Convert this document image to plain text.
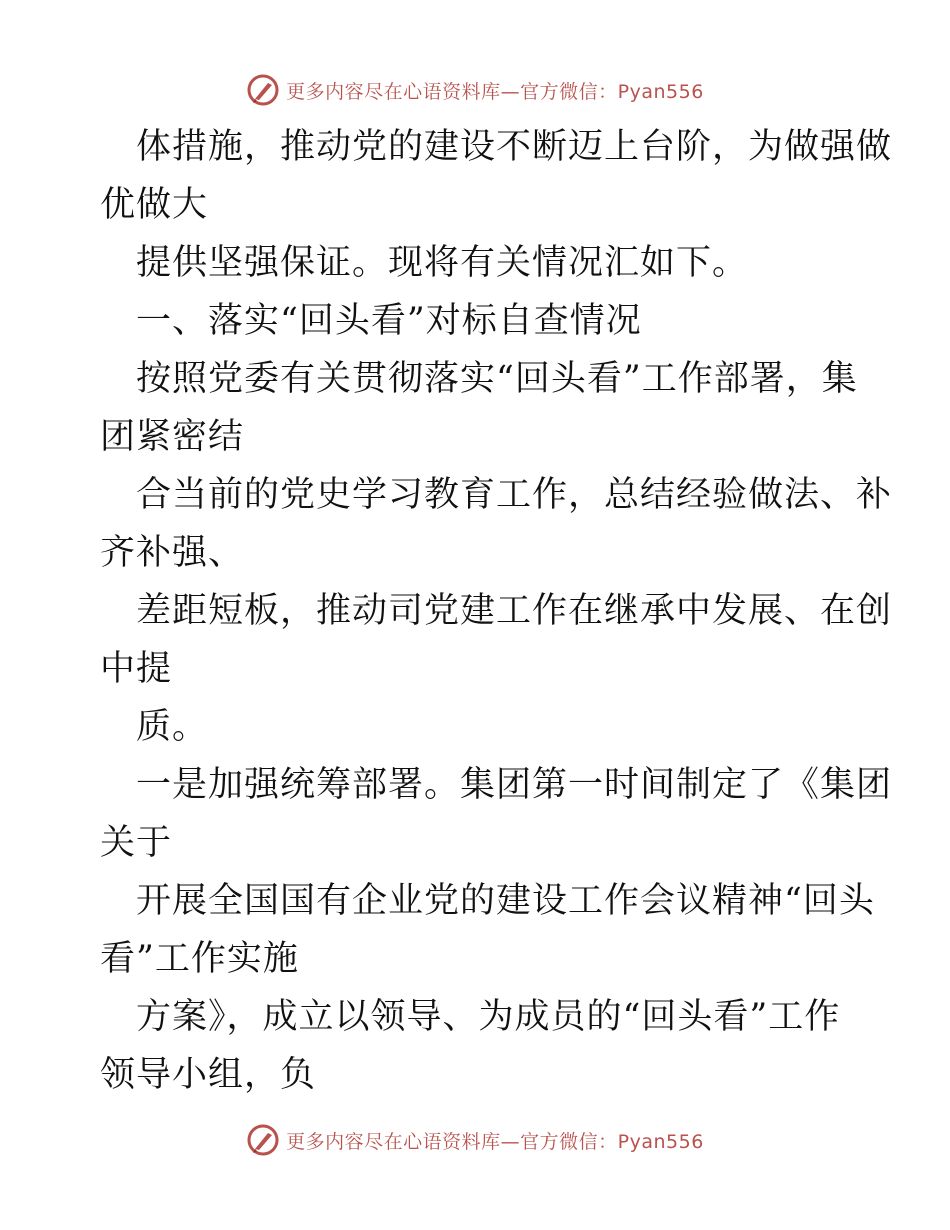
更多内容尽在心语资料库—官方微信：Pyan556
体措施，推动党的建设不断迈上台阶，为做强做
优做大
提供坚强保证。现将有关情况汇如下。
一、落实“回头看”对标自查情况
按照党委有关贯彻落实“回头看”工作部署，集
团紧密结
合当前的党史学习教育工作，总结经验做法、补
齐补强、
差距短板，推动司党建工作在继承中发展、在创
中提
质。
一是加强统筹部署。集团第一时间制定了《集团
关于
开展全国国有企业党的建设工作会议精神“回头
看”工作实施
方案》，成立以领导、为成员的“回头看”工作
领导小组，负
更多内容尽在心语资料库—官方微信：Pyan556
